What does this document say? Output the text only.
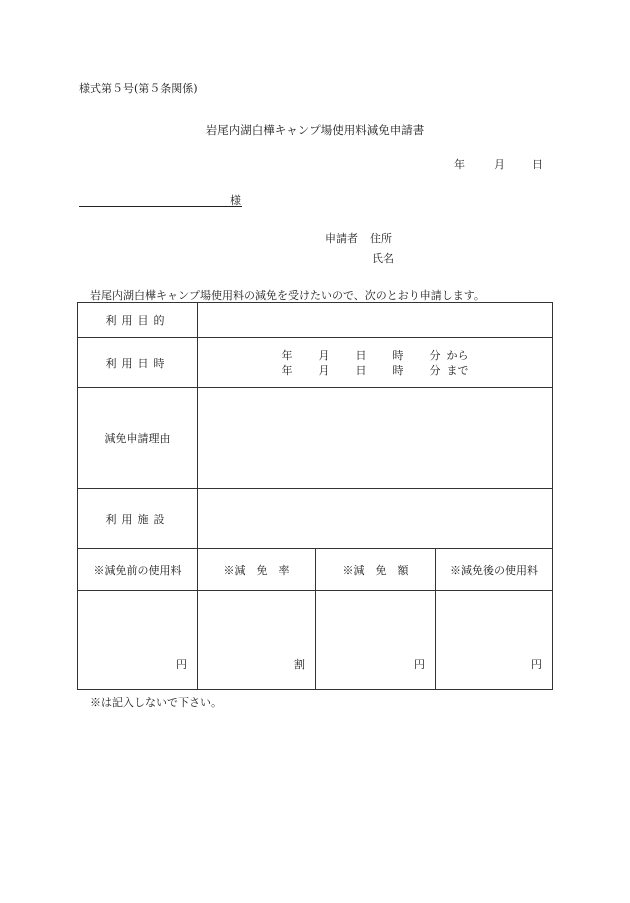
様式第５号(第５条関係)
岩尾内湖白樺キャンプ場使用料減免申請書
年	月 日
様
申請者 住所
氏名
岩尾内湖白樺キャンプ場使用料の減免を受けたいので、次のとおり申請します。
利用目的			
利用日時	年 月 日 時 分 から
年 月 日 時 分 まで		

減免申請理由			
利用施設			
※減免前の使用料	※減　免　率	※減　免　額	※減免後の使用料
円	割	円	円
※は記入しないで下さい。
